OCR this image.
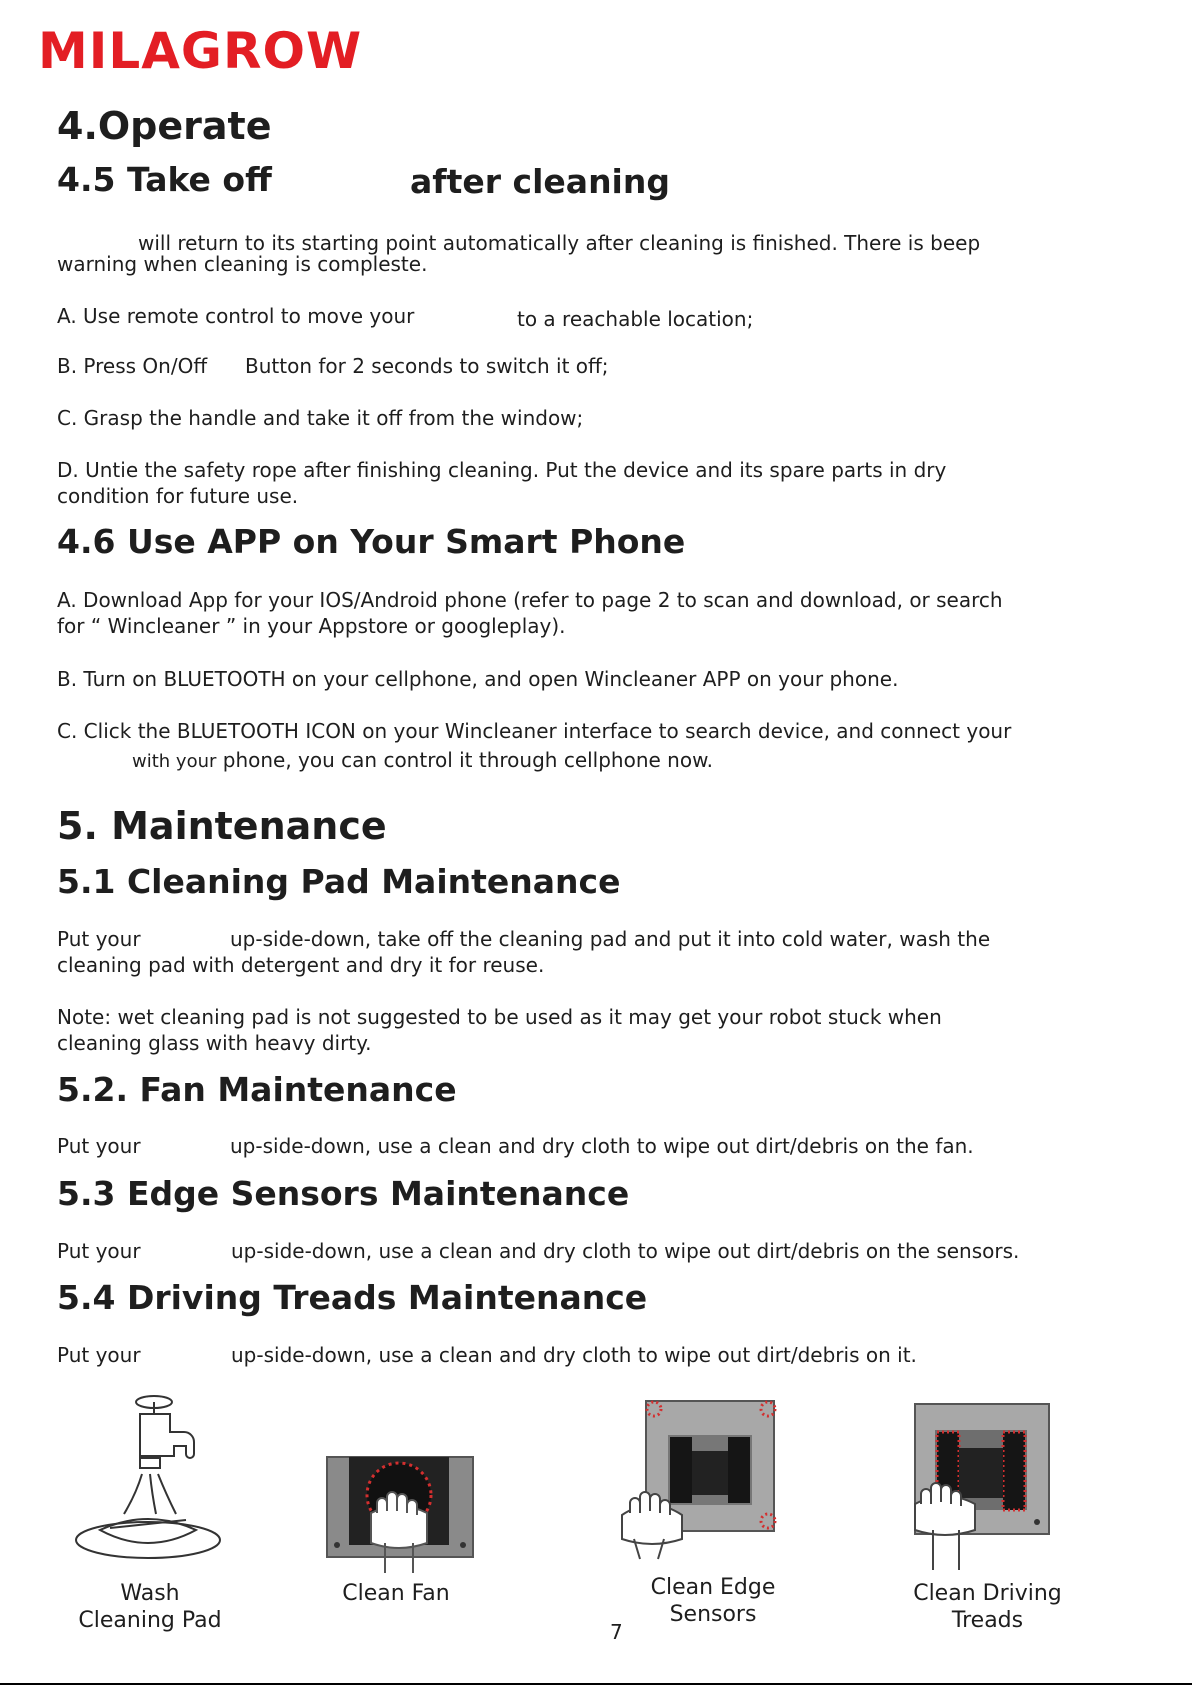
MILAGROW
4.Operate
4.5 Take off	after cleaning
will return to its starting point automatically after cleaning is finished. There is beep
warning when cleaning is compleste.
A. Use remote control to move your	to a reachable location;
B. Press On/Off Button for 2 seconds to switch it off;
C. Grasp the handle and take it off from the window;
D. Untie the safety rope after finishing cleaning. Put the device and its spare parts in dry
condition for future use.
4.6 Use APP on Your Smart Phone
A. Download App for your IOS/Android phone (refer to page 2 to scan and download, or search
for “ Wincleaner ” in your Appstore or googleplay).
B. Turn on BLUETOOTH on your cellphone, and open Wincleaner APP on your phone.
C. Click the BLUETOOTH ICON on your Wincleaner interface to search device, and connect your
with your phone, you can control it through cellphone now.
5. Maintenance
5.1 Cleaning Pad Maintenance
Put your	up-side-down, take off the cleaning pad and put it into cold water, wash the
cleaning pad with detergent and dry it for reuse.
Note: wet cleaning pad is not suggested to be used as it may get your robot stuck when
cleaning glass with heavy dirty.
5.2. Fan Maintenance
Put your	up-side-down, use a clean and dry cloth to wipe out dirt/debris on the fan.
5.3 Edge Sensors Maintenance
Put your	up-side-down, use a clean and dry cloth to wipe out dirt/debris on the sensors.
5.4 Driving Treads Maintenance
Put your	up-side-down, use a clean and dry cloth to wipe out dirt/debris on it.
Wash
Cleaning Pad
Clean Fan	Clean Edge
Sensors
Clean Driving
Treads
7
